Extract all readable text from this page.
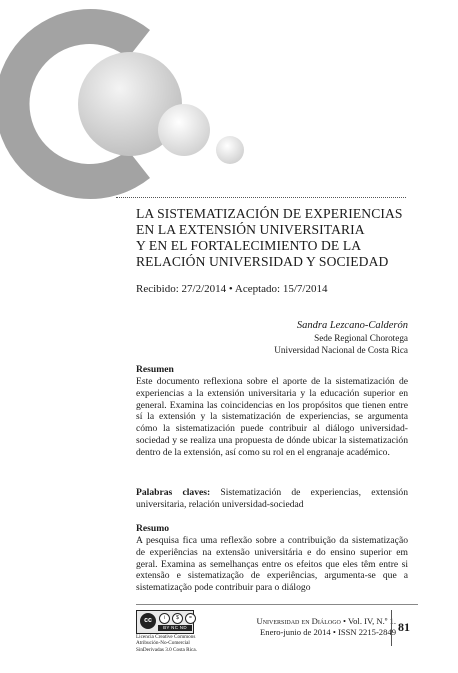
LA SISTEMATIZACIÓN DE EXPERIENCIAS
EN LA EXTENSIÓN UNIVERSITARIA
Y EN EL FORTALECIMIENTO DE LA
RELACIÓN UNIVERSIDAD Y SOCIEDAD
Recibido: 27/2/2014 • Aceptado: 15/7/2014
Sandra Lezcano-Calderón
Sede Regional Chorotega
Universidad Nacional de Costa Rica
Resumen

Este documento reflexiona sobre el aporte de la sistematización de experiencias a la extensión universitaria y la educación superior en general. Examina las coincidencias en los propósitos que tienen entre sí la extensión y la sistematización de experiencias, se argumenta cómo la sistematización puede contribuir al diálogo universidad-sociedad y se realiza una propuesta de dónde ubicar la sistematización dentro de la extensión, así como su rol en el engranaje académico.

Palabras claves: Sistematización de experiencias, extensión universitaria, relación universidad-sociedad

Resumo

A pesquisa fica uma reflexão sobre a contribuição da sistematização de experiências na extensão universitária e do ensino superior em geral. Examina as semelhanças entre os efeitos que eles têm entre si extensão e sistematização de experiências, argumenta-se que a sistematização pode contribuir para o diálogo

cc	i	$	=
BY NC ND
Licencia Creative Commons
Atribución-No-Comercial
SinDerivadas 3.0 Costa Rica.
Universidad en Diálogo • Vol. IV, N.º 1.
Enero-junio de 2014 • ISSN 2215-2849 81
